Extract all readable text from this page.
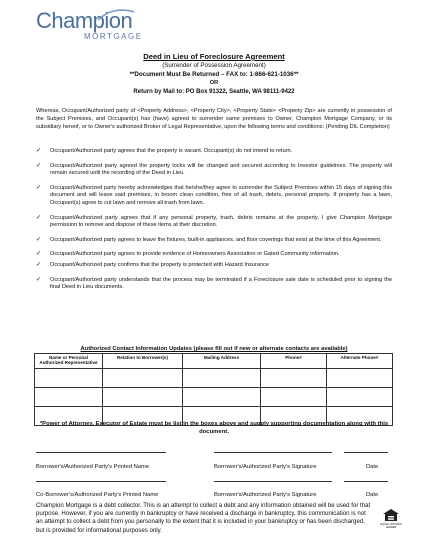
Champion
MORTGAGE
Deed in Lieu of Foreclosure Agreement
(Surrender of Possession Agreement)
**Document Must Be Returned – FAX to: 1-866-621-1036**
OR
Return by Mail to: PO Box 91322, Seattle, WA 98111-9422

Whereas, Occupant/Authorized party of <Property Address>, <Property City>, <Property State> <Property Zip> are currently in possession of the Subject Premises, and Occupant(s) has (have) agreed to surrender same premises to Owner, Champion Mortgage Company, or its subsidiary hereof, or to Owner's authorized Broker of Legal Representative, upon the following terms and conditions: (Pending DIL Completion)

✓	Occupant/Authorized party agrees that the property is vacant. Occupant(s) do not intend to return.
✓	Occupant/Authorized party agreed the property locks will be changed and secured according to Investor guidelines. The property will remain secured until the recording of the Deed in Lieu.
✓	Occupant/Authorized party hereby acknowledges that he/she/they agree to surrender the Subject Premises within 15 days of signing this document and will leave said premises, in broom clean condition, free of all trash, debris, personal property. If property has a lawn, Occupant(s) agree to cut lawn and remove all trash from lawn.
✓	Occupant/Authorized party agrees that if any personal property, trash, debris remains at the property, I give Champion Mortgage permission to remove and dispose of these items at their discretion.
✓	Occupant/Authorized party agrees to leave the fixtures, built-in appliances, and floor coverings that exist at the time of this Agreement.
✓	Occupant/Authorized party agrees to provide evidence of Homeowners Association or Gated Community information.
✓	Occupant/Authorized party confirms that the property is protected with Hazard Insurance
✓	Occupant/Authorized party understands that the process may be terminated if a Foreclosure sale date is scheduled prior to signing the final Deed in Lieu documents.
Authorized Contact Information Updates (please fill out if new or alternate contacts are available)
Name or Personal Authorized Representative	Relation to Borrower(s)	Mailing Address	Phone#	Alternate Phone#

*Power of Attorney, Executor of Estate must be list in the boxes above and supply supporting documentation along with this document.
Borrower's/Authorized Party's Printed Name	Borrower's/Authorized Party's Signature	Date
Co-Borrower's/Authorized Party's Printed Name	Borrower's/Authorized Party's Signature	Date

Champion Mortgage is a debt collector. This is an attempt to collect a debt and any information obtained will be used for that purpose. However, if you are currently in bankruptcy or have received a discharge in bankruptcy, this communication is not an attempt to collect a debt from you personally to the extent that it is included in your bankruptcy or has been discharged, but is provided for informational purposes only.

EQUAL HOUSING LENDER
